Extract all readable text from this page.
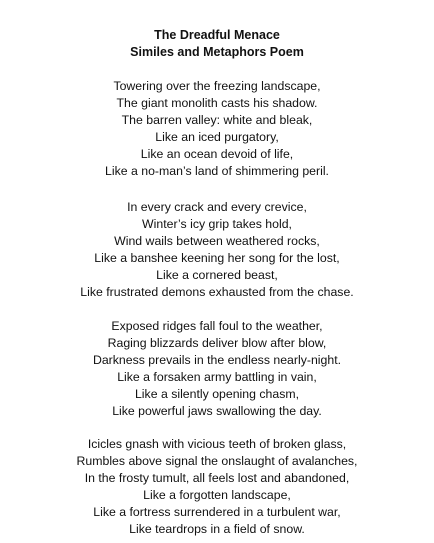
The Dreadful Menace
Similes and Metaphors Poem
Towering over the freezing landscape,
The giant monolith casts his shadow.
The barren valley: white and bleak,
Like an iced purgatory,
Like an ocean devoid of life,
Like a no-man’s land of shimmering peril.
In every crack and every crevice,
Winter’s icy grip takes hold,
Wind wails between weathered rocks,
Like a banshee keening her song for the lost,
Like a cornered beast,
Like frustrated demons exhausted from the chase.
Exposed ridges fall foul to the weather,
Raging blizzards deliver blow after blow,
Darkness prevails in the endless nearly-night.
Like a forsaken army battling in vain,
Like a silently opening chasm,
Like powerful jaws swallowing the day.
Icicles gnash with vicious teeth of broken glass,
Rumbles above signal the onslaught of avalanches,
In the frosty tumult, all feels lost and abandoned,
Like a forgotten landscape,
Like a fortress surrendered in a turbulent war,
Like teardrops in a field of snow.
